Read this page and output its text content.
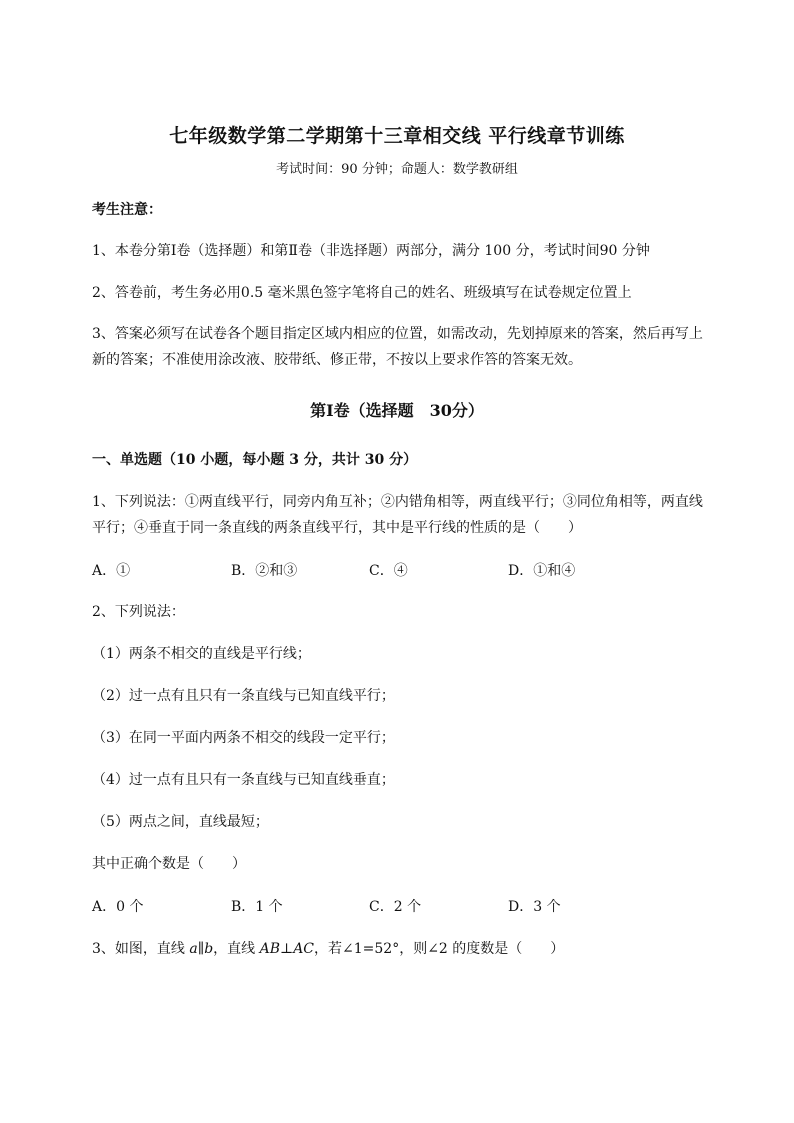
七年级数学第二学期第十三章相交线 平行线章节训练
考试时间：90 分钟；命题人：数学教研组
考生注意：
1、本卷分第Ⅰ卷（选择题）和第Ⅱ卷（非选择题）两部分，满分 100 分，考试时间90 分钟
2、答卷前，考生务必用0.5 毫米黑色签字笔将自己的姓名、班级填写在试卷规定位置上
3、答案必须写在试卷各个题目指定区域内相应的位置，如需改动，先划掉原来的答案，然后再写上新的答案；不准使用涂改液、胶带纸、修正带，不按以上要求作答的答案无效。
第Ⅰ卷（选择题　30分）
一、单选题（10 小题，每小题 3 分，共计 30 分）
1、下列说法：①两直线平行，同旁内角互补；②内错角相等，两直线平行；③同位角相等，两直线平行；④垂直于同一条直线的两条直线平行，其中是平行线的性质的是（　　）
A．①	B．②和③	C．④	D．①和④
2、下列说法：
（1）两条不相交的直线是平行线；
（2）过一点有且只有一条直线与已知直线平行；
（3）在同一平面内两条不相交的线段一定平行；
（4）过一点有且只有一条直线与已知直线垂直；
（5）两点之间，直线最短；
其中正确个数是（　　）
A．0 个	B．1 个	C．2 个	D．3 个
3、如图，直线 a∥b，直线 AB⊥AC，若∠1=52°，则∠2 的度数是（　　）
